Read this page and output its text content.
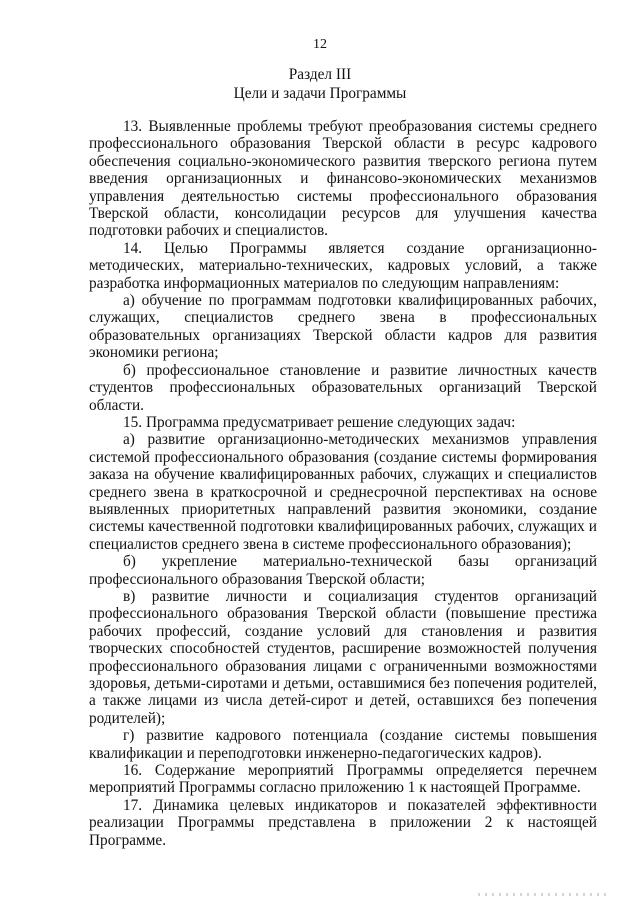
12
Раздел III
Цели и задачи Программы

13. Выявленные проблемы требуют преобразования системы среднего профессионального образования Тверской области в ресурс кадрового обеспечения социально-экономического развития тверского региона путем введения организационных и финансово-экономических механизмов управления деятельностью системы профессионального образования Тверской области, консолидации ресурсов для улучшения качества подготовки рабочих и специалистов.

14. Целью Программы является создание организационно-методических, материально-технических, кадровых условий, а также разработка информационных материалов по следующим направлениям:

а) обучение по программам подготовки квалифицированных рабочих, служащих, специалистов среднего звена в профессиональных образовательных организациях Тверской области кадров для развития экономики региона;

б) профессиональное становление и развитие личностных качеств студентов профессиональных образовательных организаций Тверской области.

15. Программа предусматривает решение следующих задач:

а) развитие организационно-методических механизмов управления системой профессионального образования (создание системы формирования заказа на обучение квалифицированных рабочих, служащих и специалистов среднего звена в краткосрочной и среднесрочной перспективах на основе выявленных приоритетных направлений развития экономики, создание системы качественной подготовки квалифицированных рабочих, служащих и специалистов среднего звена в системе профессионального образования);

б) укрепление материально-технической базы организаций профессионального образования Тверской области;

в) развитие личности и социализация студентов организаций профессионального образования Тверской области (повышение престижа рабочих профессий, создание условий для становления и развития творческих способностей студентов, расширение возможностей получения профессионального образования лицами с ограниченными возможностями здоровья, детьми-сиротами и детьми, оставшимися без попечения родителей, а также лицами из числа детей-сирот и детей, оставшихся без попечения родителей);

г) развитие кадрового потенциала (создание системы повышения квалификации и переподготовки инженерно-педагогических кадров).

16. Содержание мероприятий Программы определяется перечнем мероприятий Программы согласно приложению 1 к настоящей Программе.

17. Динамика целевых индикаторов и показателей эффективности реализации Программы представлена в приложении 2 к настоящей Программе.
